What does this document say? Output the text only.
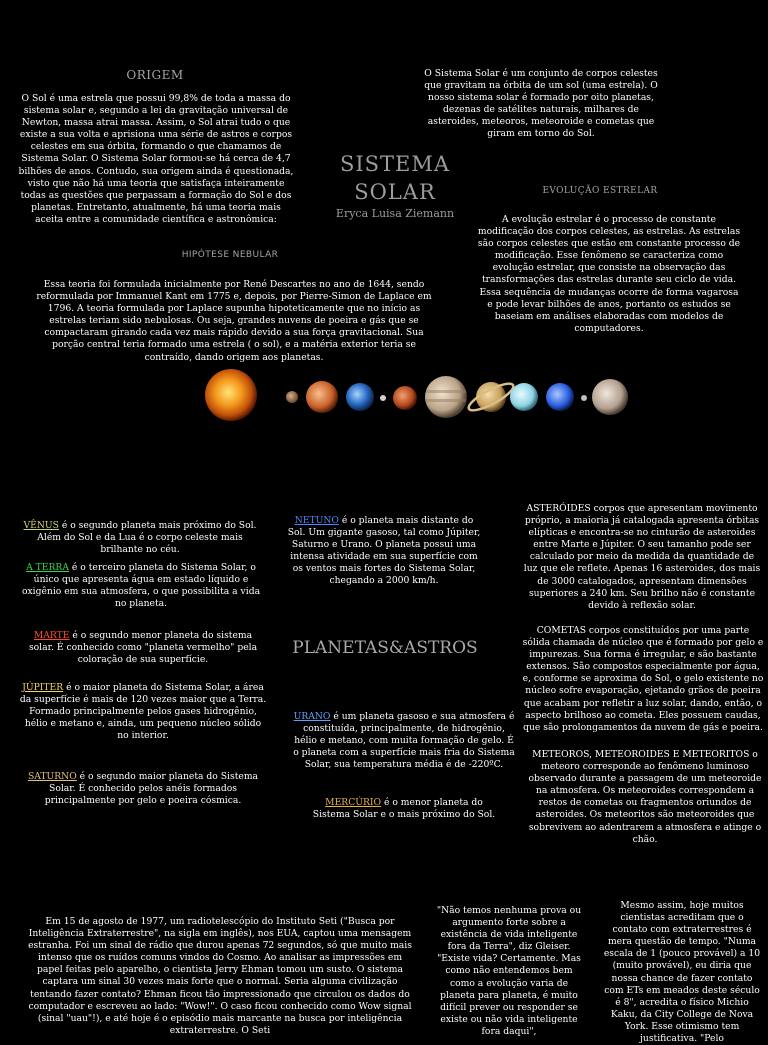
O Sistema Solar é um conjunto de corpos celestes que gravitam na órbita de um sol (uma estrela). O nosso sistema solar é formado por oito planetas, dezenas de satélites naturais, milhares de asteroides, meteoros, meteoroide e cometas que giram em torno do Sol.

ORIGEM

O Sol é uma estrela que possui 99,8% de toda a massa do sistema solar e, segundo a lei da gravitação universal de Newton, massa atrai massa. Assim, o Sol atrai tudo o que existe a sua volta e aprisiona uma série de astros e corpos celestes em sua órbita, formando o que chamamos de Sistema Solar. O Sistema Solar formou-se há cerca de 4,7 bilhões de anos. Contudo, sua origem ainda é questionada, visto que não há uma teoria que satisfaça inteiramente todas as questões que perpassam a formação do Sol e dos planetas. Entretanto, atualmente, há uma teoria mais aceita entre a comunidade científica e astronômica:

SISTEMA
SOLAR
Eryca Luisa Ziemann
EVOLUÇÃO ESTRELAR

A evolução estrelar é o processo de constante modificação dos corpos celestes, as estrelas. As estrelas são corpos celestes que estão em constante processo de modificação. Esse fenômeno se caracteriza como evolução estrelar, que consiste na observação das transformações das estrelas durante seu ciclo de vida. Essa sequência de mudanças ocorre de forma vagarosa e pode levar bilhões de anos, portanto os estudos se baseiam em análises elaboradas com modelos de computadores.

HIPÓTESE NEBULAR

Essa teoria foi formulada inicialmente por René Descartes no ano de 1644, sendo reformulada por Immanuel Kant em 1775 e, depois, por Pierre-Simon de Laplace em 1796. A teoria formulada por Laplace supunha hipoteticamente que no início as estrelas teriam sido nebulosas. Ou seja, grandes nuvens de poeira e gás que se compactaram girando cada vez mais rápido devido a sua força gravitacional. Sua porção central teria formado uma estrela ( o sol), e a matéria exterior teria se contraído, dando origem aos planetas.

VÊNUS é o segundo planeta mais próximo do Sol. Além do Sol e da Lua é o corpo celeste mais brilhante no céu.
A TERRA é o terceiro planeta do Sistema Solar, o único que apresenta água em estado líquido e oxigênio em sua atmosfera, o que possibilita a vida no planeta.
MARTE é o segundo menor planeta do sistema solar. É conhecido como "planeta vermelho" pela coloração de sua superfície.
JÚPITER é o maior planeta do Sistema Solar, a área da superfície é mais de 120 vezes maior que a Terra. Formado principalmente pelos gases hidrogênio, hélio e metano e, ainda, um pequeno núcleo sólido no interior.
SATURNO é o segundo maior planeta do Sistema Solar. É conhecido pelos anéis formados principalmente por gelo e poeira cósmica.
NETUNO é o planeta mais distante do Sol. Um gigante gasoso, tal como Júpiter, Saturno e Urano. O planeta possui uma intensa atividade em sua superfície com os ventos mais fortes do Sistema Solar, chegando a 2000 km/h.
PLANETAS&ASTROS
URANO é um planeta gasoso e sua atmosfera é constituída, principalmente, de hidrogênio, hélio e metano, com muita formação de gelo. É o planeta com a superfície mais fria do Sistema Solar, sua temperatura média é de -220ºC.
MERCÚRIO é o menor planeta do Sistema Solar e o mais próximo do Sol.

ASTERÓIDES corpos que apresentam movimento próprio, a maioria já catalogada apresenta órbitas elípticas e encontra-se no cinturão de asteroides entre Marte e Júpiter. O seu tamanho pode ser calculado por meio da medida da quantidade de luz que ele reflete. Apenas 16 asteroides, dos mais de 3000 catalogados, apresentam dimensões superiores a 240 km. Seu brilho não é constante devido à reflexão solar.

COMETAS corpos constituídos por uma parte sólida chamada de núcleo que é formado por gelo e impurezas. Sua forma é irregular, e são bastante extensos. São compostos especialmente por água, e, conforme se aproxima do Sol, o gelo existente no núcleo sofre evaporação, ejetando grãos de poeira que acabam por refletir a luz solar, dando, então, o aspecto brilhoso ao cometa. Eles possuem caudas, que são prolongamentos da nuvem de gás e poeira.

METEOROS, METEOROIDES E METEORITOS o meteoro corresponde ao fenômeno luminoso observado durante a passagem de um meteoroide na atmosfera. Os meteoroides correspondem a restos de cometas ou fragmentos oriundos de asteroides. Os meteoritos são meteoroides que sobrevivem ao adentrarem a atmosfera e atinge o chão.

Em 15 de agosto de 1977, um radiotelescópio do Instituto Seti ("Busca por Inteligência Extraterrestre", na sigla em inglês), nos EUA, captou uma mensagem estranha. Foi um sinal de rádio que durou apenas 72 segundos, só que muito mais intenso que os ruídos comuns vindos do Cosmo. Ao analisar as impressões em papel feitas pelo aparelho, o cientista Jerry Ehman tomou um susto. O sistema captara um sinal 30 vezes mais forte que o normal. Seria alguma civilização tentando fazer contato? Ehman ficou tão impressionado que circulou os dados do computador e escreveu ao lado: "Wow!". O caso ficou conhecido como Wow signal (sinal "uau"!), e até hoje é o episódio mais marcante na busca por inteligência extraterrestre. O Seti

"Não temos nenhuma prova ou argumento forte sobre a existência de vida inteligente fora da Terra", diz Gleiser. "Existe vida? Certamente. Mas como não entendemos bem como a evolução varia de planeta para planeta, é muito difícil prever ou responder se existe ou não vida inteligente fora daqui",

Mesmo assim, hoje muitos cientistas acreditam que o contato com extraterrestres é mera questão de tempo. "Numa escala de 1 (pouco provável) a 10 (muito provável), eu diria que nossa chance de fazer contato com ETs em meados deste século é 8", acredita o físico Michio Kaku, da City College de Nova York. Esse otimismo tem justificativa. "Pelo
